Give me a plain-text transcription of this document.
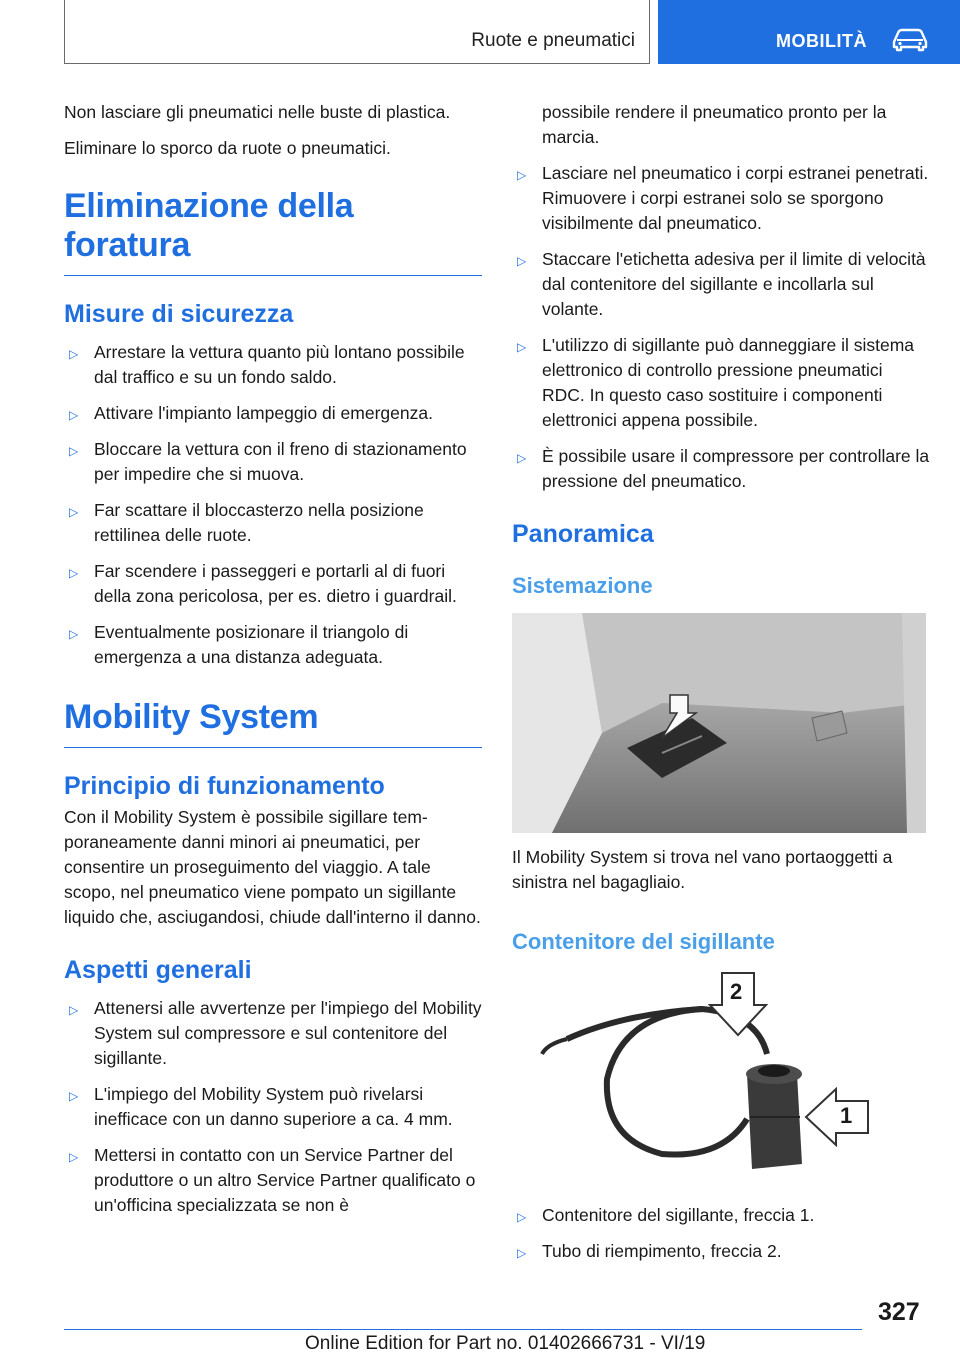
Ruote e pneumatici	MOBILITÀ

Non lasciare gli pneumatici nelle buste di plastica.

Eliminare lo sporco da ruote o pneumatici.

Eliminazione della foratura
Misure di sicurezza
▷ Arrestare la vettura quanto più lontano possibile dal traffico e su un fondo saldo.
▷ Attivare l'impianto lampeggio di emergenza.
▷ Bloccare la vettura con il freno di stazionamento per impedire che si muova.
▷ Far scattare il bloccasterzo nella posizione rettilinea delle ruote.
▷ Far scendere i passeggeri e portarli al di fuori della zona pericolosa, per es. dietro i guardrail.
▷ Eventualmente posizionare il triangolo di emergenza a una distanza adeguata.
Mobility System
Principio di funzionamento

Con il Mobility System è possibile sigillare temporaneamente danni minori ai pneumatici, per consentire un proseguimento del viaggio. A tale scopo, nel pneumatico viene pompato un sigillante liquido che, asciugandosi, chiude dall'interno il danno.

Aspetti generali
▷ Attenersi alle avvertenze per l'impiego del Mobility System sul compressore e sul contenitore del sigillante.
▷ L'impiego del Mobility System può rivelarsi inefficace con un danno superiore a ca. 4 mm.
▷ Mettersi in contatto con un Service Partner del produttore o un altro Service Partner qualificato o un'officina specializzata se non è

possibile rendere il pneumatico pronto per la marcia.

▷ Lasciare nel pneumatico i corpi estranei penetrati. Rimuovere i corpi estranei solo se sporgono visibilmente dal pneumatico.
▷ Staccare l'etichetta adesiva per il limite di velocità dal contenitore del sigillante e incollarla sul volante.
▷ L'utilizzo di sigillante può danneggiare il sistema elettronico di controllo pressione pneumatici RDC. In questo caso sostituire i componenti elettronici appena possibile.
▷ È possibile usare il compressore per controllare la pressione del pneumatico.
Panoramica
Sistemazione

Il Mobility System si trova nel vano portaoggetti a sinistra nel bagagliaio.

Contenitore del sigillante
2
1
▷ Contenitore del sigillante, freccia 1.
▷ Tubo di riempimento, freccia 2.
327
Online Edition for Part no. 01402666731 - VI/19
